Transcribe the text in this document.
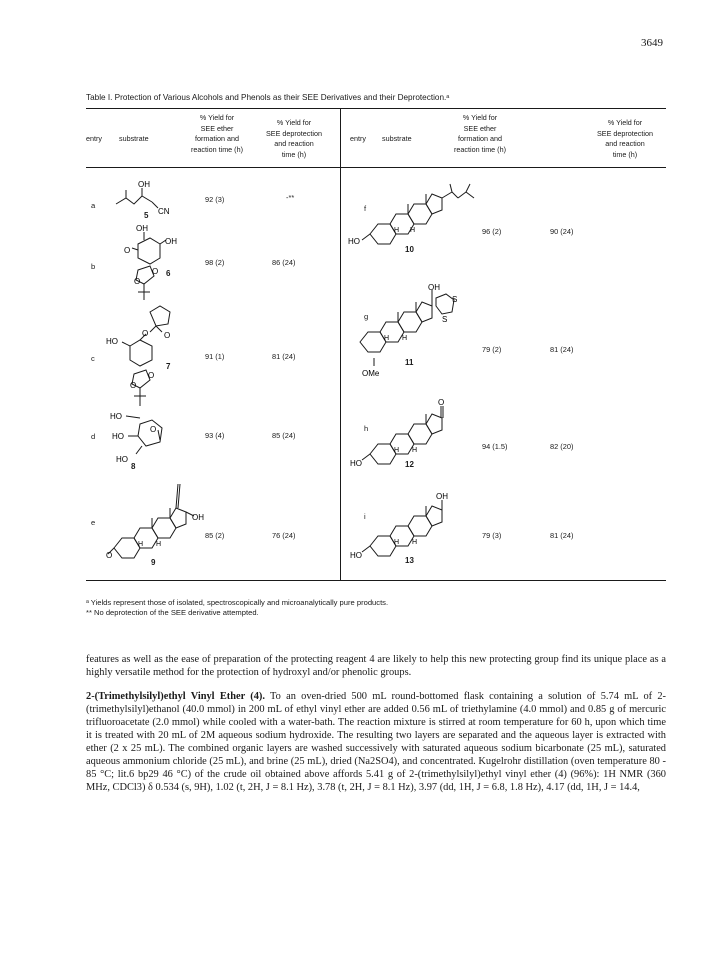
3649
Table I. Protection of Various Alcohols and Phenols as their SEE Derivatives and their Deprotection.ᵃ
entry substrate
% Yield for
SEE ether
formation and
reaction time (h)
% Yield for
SEE deprotection
and reaction
time (h)
entry substrate
% Yield for
SEE ether
formation and
reaction time (h)
% Yield for
SEE deprotection
and reaction
time (h)
a
OH
CN
5
92 (3)	-**
b
OH
OH
O
O
O
6
98 (2)	86 (24)
c
O O
HO
O
O
7
91 (1)	81 (24)
d
HO
O
HO
HO
8
93 (4)	85 (24)
e
O
OH
H H
9
85 (2)	76 (24)
f
HO
H H
10
96 (2)	90 (24)
g
OH
S
S
OMe
H H
11
79 (2)	81 (24)
h
O
HO
H H
12
94 (1.5)	82 (20)
i
OH
HO
H H
13
79 (3)	81 (24)
ᵃ Yields represent those of isolated, spectroscopically and microanalytically pure products.
** No deprotection of the SEE derivative attempted.
features as well as the ease of preparation of the protecting reagent 4 are likely to help this new protecting group find its unique place as a highly versatile method for the protection of hydroxyl and/or phenolic groups.
2-(Trimethylsilyl)ethyl Vinyl Ether (4). To an oven-dried 500 mL round-bottomed flask containing a solution of 5.74 mL of 2-(trimethylsilyl)ethanol (40.0 mmol) in 200 mL of ethyl vinyl ether are added 0.56 mL of triethylamine (4.0 mmol) and 0.85 g of mercuric trifluoroacetate (2.0 mmol) while cooled with a water-bath. The reaction mixture is stirred at room temperature for 60 h, upon which time it is treated with 20 mL of 2M aqueous sodium hydroxide. The resulting two layers are separated and the aqueous layer is extracted with ether (2 x 25 mL). The combined organic layers are washed successively with saturated aqueous sodium bicarbonate (25 mL), saturated aqueous ammonium chloride (25 mL), and brine (25 mL), dried (Na2SO4), and concentrated. Kugelrohr distillation (oven temperature 80 - 85 °C; lit.6 bp29 46 °C) of the crude oil obtained above affords 5.41 g of 2-(trimethylsilyl)ethyl vinyl ether (4) (96%): 1H NMR (360 MHz, CDCl3) δ 0.534 (s, 9H), 1.02 (t, 2H, J = 8.1 Hz), 3.78 (t, 2H, J = 8.1 Hz), 3.97 (dd, 1H, J = 6.8, 1.8 Hz), 4.17 (dd, 1H, J = 14.4,
